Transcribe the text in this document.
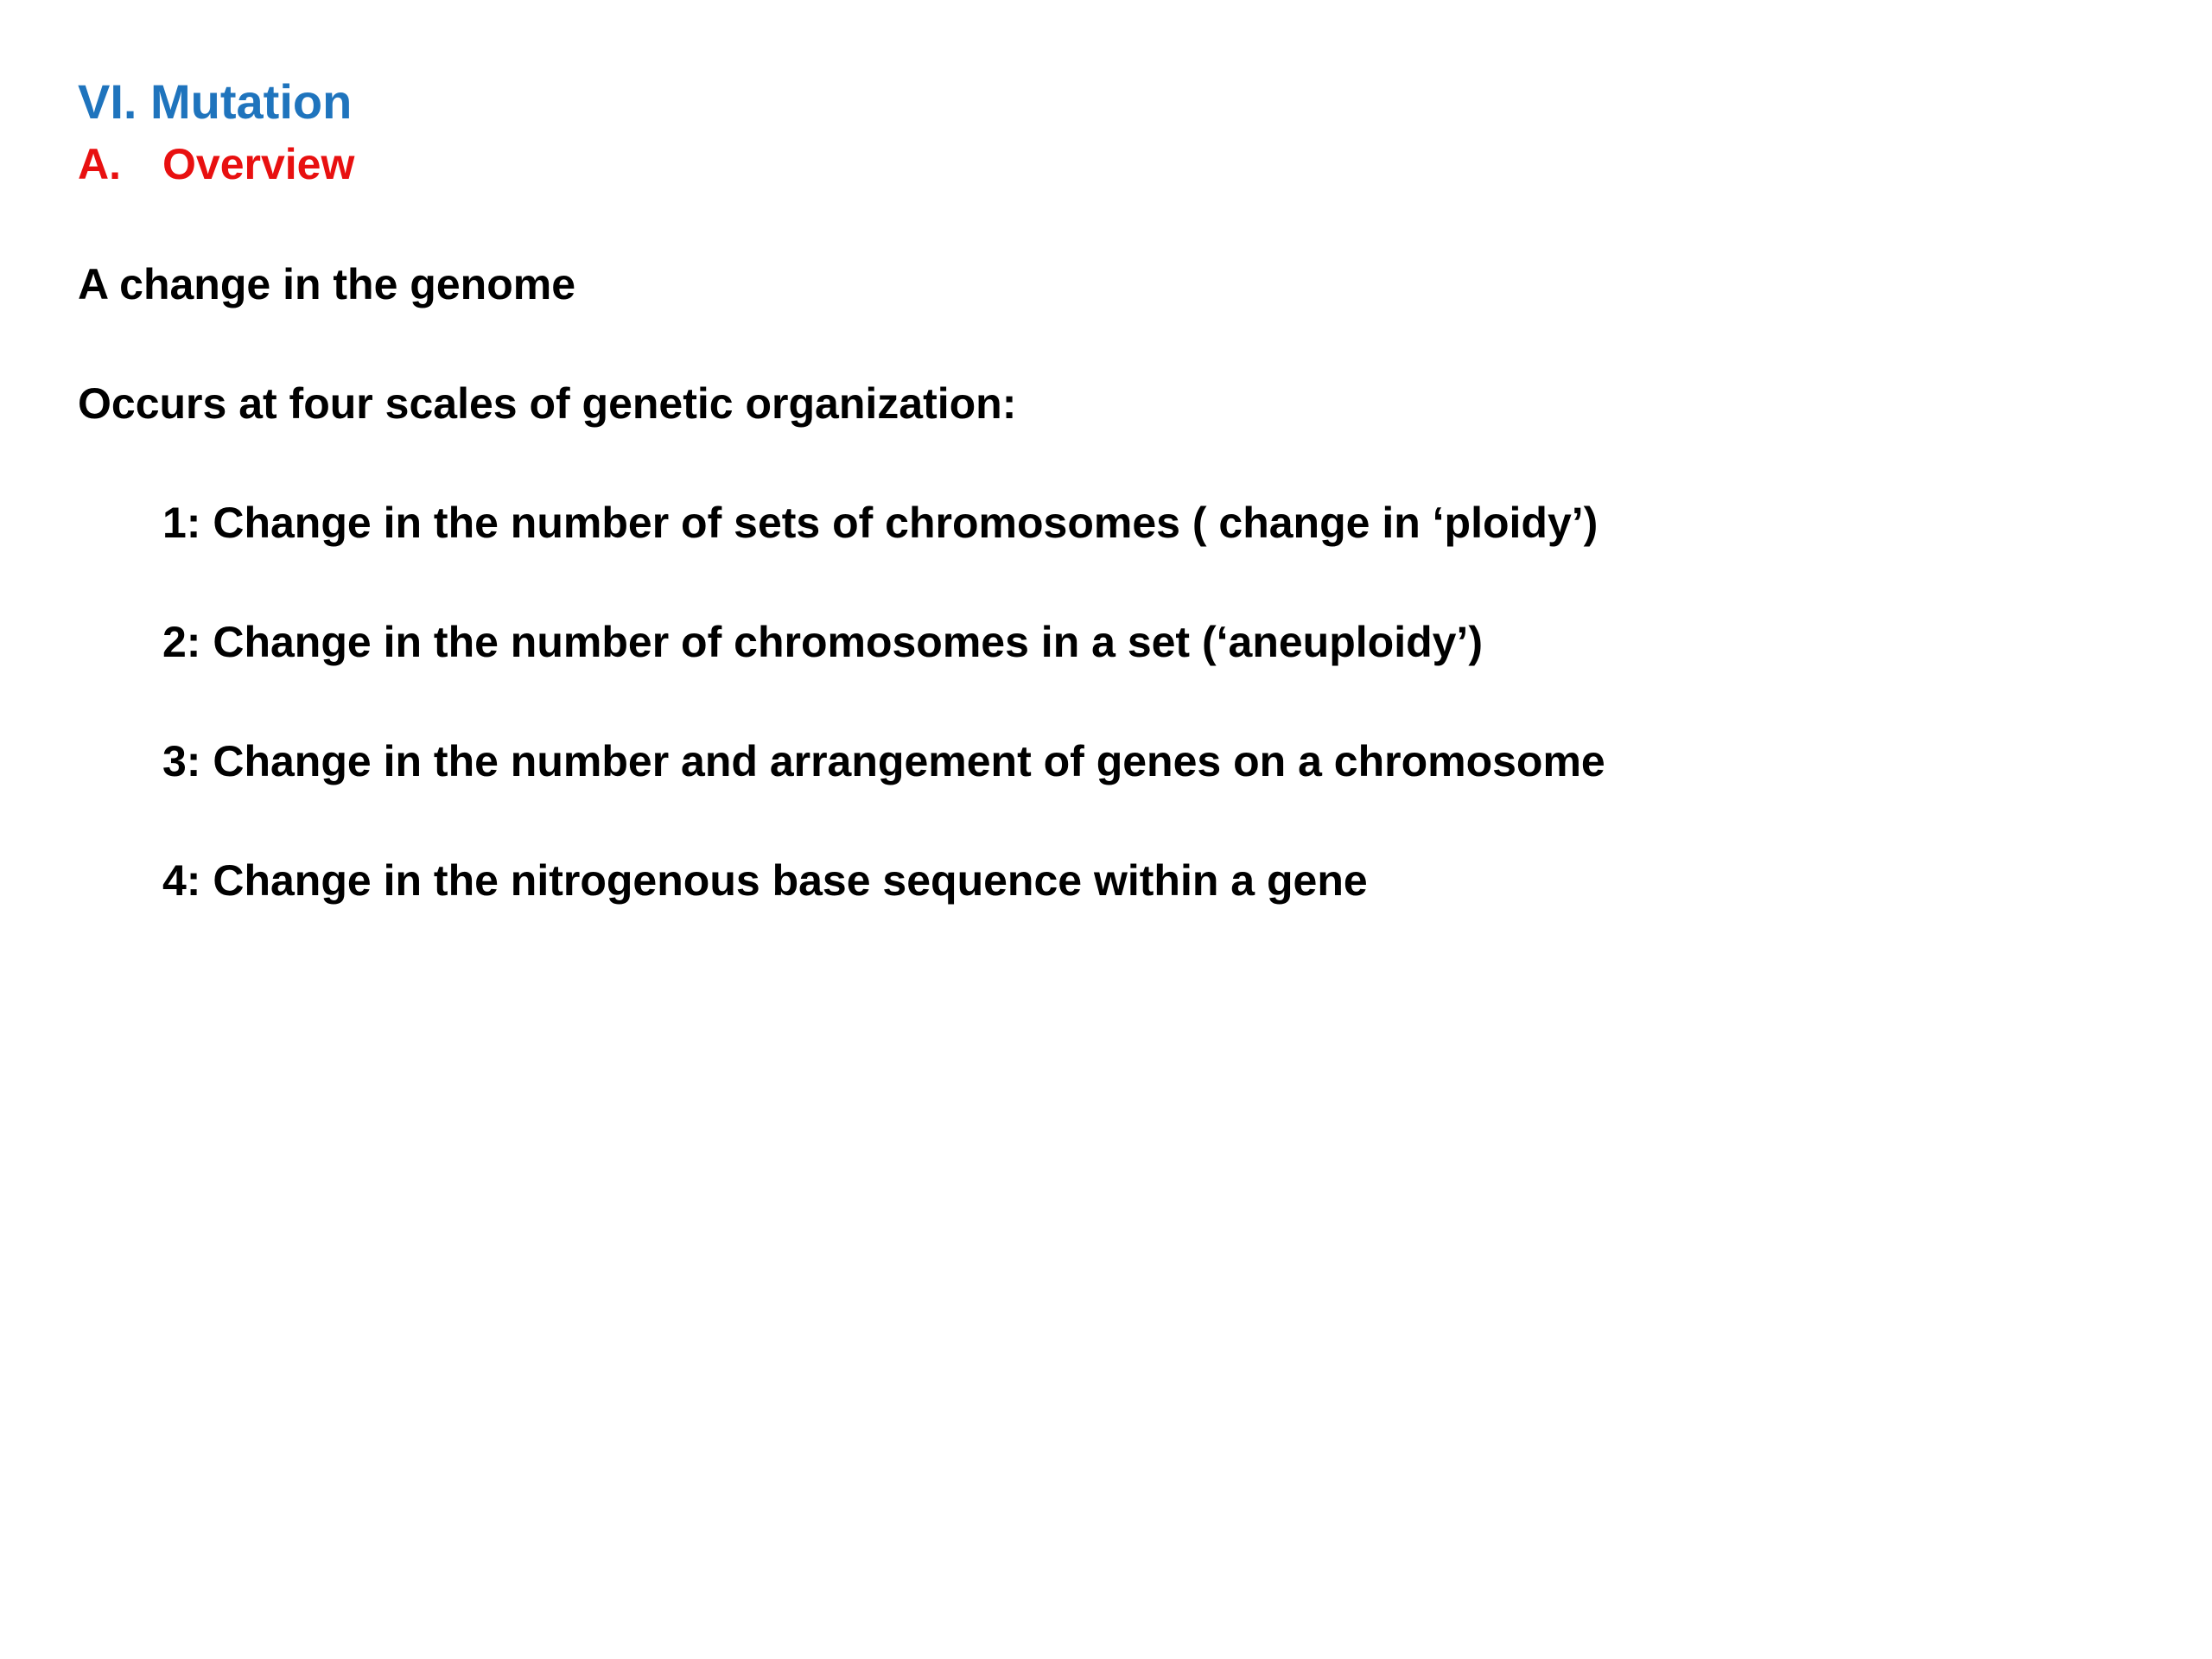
VI. Mutation
A. Overview
A change in the genome
Occurs at four scales of genetic organization:
1: Change in the number of sets of chromosomes ( change in ‘ploidy’)
2: Change in the number of chromosomes in a set (‘aneuploidy’)
3: Change in the number and arrangement of genes on a chromosome
4: Change in the nitrogenous base sequence within a gene
